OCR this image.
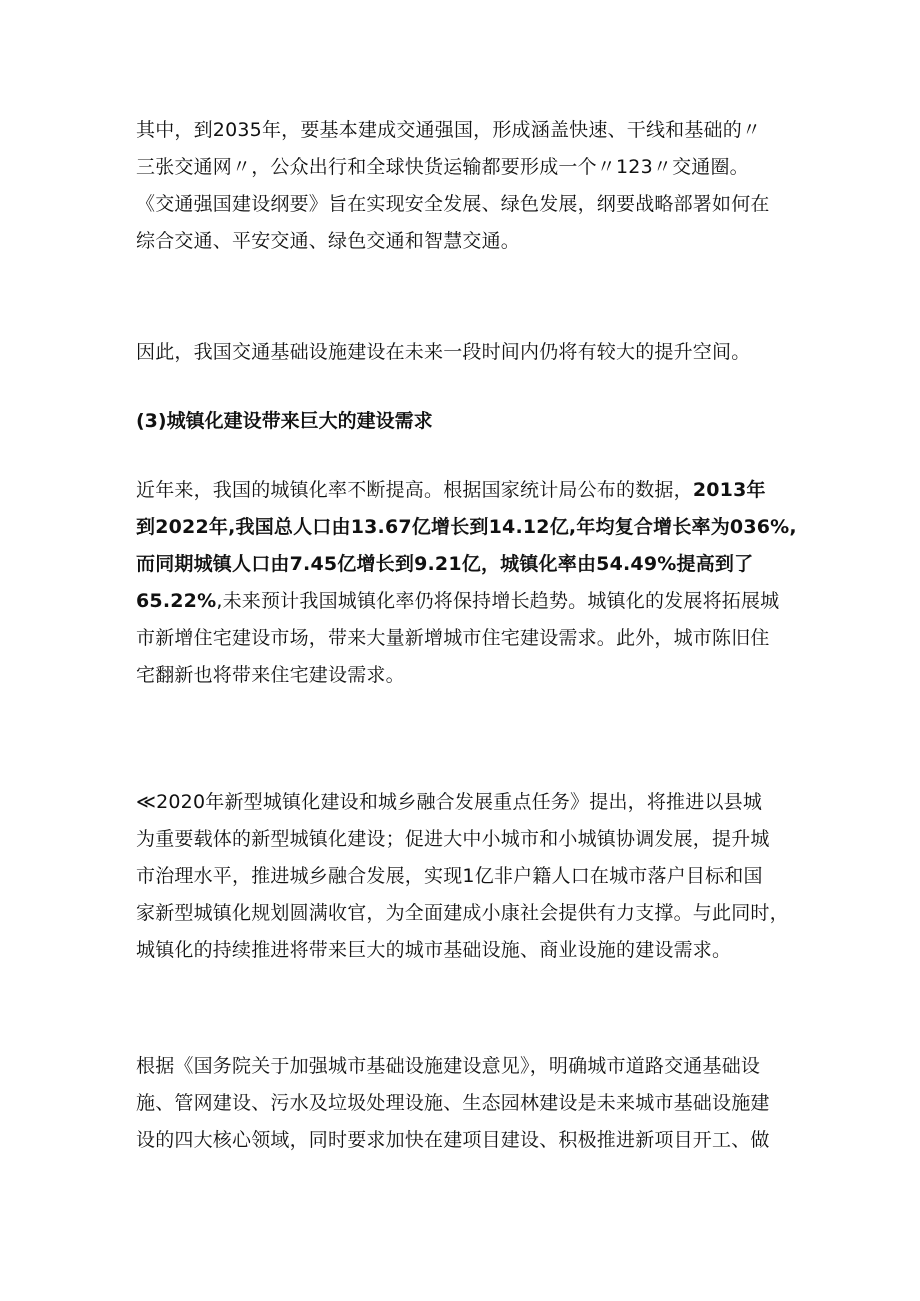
其中，到2035年，要基本建成交通强国，形成涵盖快速、干线和基础的〃
三张交通网〃，公众出行和全球快货运输都要形成一个〃123〃交通圈。
《交通强国建设纲要》旨在实现安全发展、绿色发展，纲要战略部署如何在
综合交通、平安交通、绿色交通和智慧交通。

因此，我国交通基础设施建设在未来一段时间内仍将有较大的提升空间。

(3)城镇化建设带来巨大的建设需求

近年来，我国的城镇化率不断提高。根据国家统计局公布的数据，2013年
到2022年,我国总人口由13.67亿增长到14.12亿,年均复合增长率为036%,
而同期城镇人口由7.45亿增长到9.21亿，城镇化率由54.49%提高到了
65.22%,未来预计我国城镇化率仍将保持增长趋势。城镇化的发展将拓展城
市新增住宅建设市场，带来大量新增城市住宅建设需求。此外，城市陈旧住
宅翻新也将带来住宅建设需求。

≪2020年新型城镇化建设和城乡融合发展重点任务》提出，将推进以县城
为重要载体的新型城镇化建设；促进大中小城市和小城镇协调发展，提升城
市治理水平，推进城乡融合发展，实现1亿非户籍人口在城市落户目标和国
家新型城镇化规划圆满收官，为全面建成小康社会提供有力支撑。与此同时，
城镇化的持续推进将带来巨大的城市基础设施、商业设施的建设需求。

根据《国务院关于加强城市基础设施建设意见》，明确城市道路交通基础设
施、管网建设、污水及垃圾处理设施、生态园林建设是未来城市基础设施建
设的四大核心领域，同时要求加快在建项目建设、积极推进新项目开工、做
